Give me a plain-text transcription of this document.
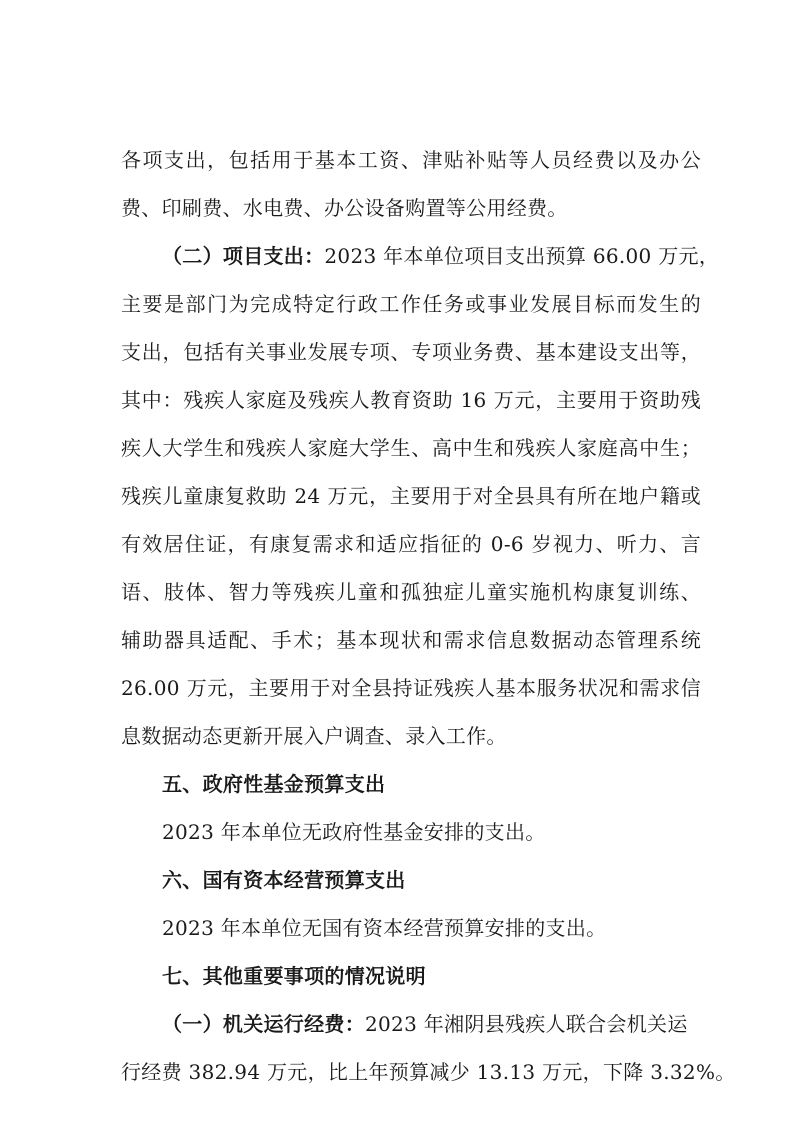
各项支出，包括用于基本工资、津贴补贴等人员经费以及办公
费、印刷费、水电费、办公设备购置等公用经费。
（二）项目支出：2023 年本单位项目支出预算 66.00 万元，
主要是部门为完成特定行政工作任务或事业发展目标而发生的
支出，包括有关事业发展专项、专项业务费、基本建设支出等，
其中：残疾人家庭及残疾人教育资助 16 万元，主要用于资助残
疾人大学生和残疾人家庭大学生、高中生和残疾人家庭高中生；
残疾儿童康复救助 24 万元，主要用于对全县具有所在地户籍或
有效居住证，有康复需求和适应指征的 0-6 岁视力、听力、言
语、肢体、智力等残疾儿童和孤独症儿童实施机构康复训练、
辅助器具适配、手术；基本现状和需求信息数据动态管理系统
26.00 万元，主要用于对全县持证残疾人基本服务状况和需求信
息数据动态更新开展入户调查、录入工作。
五、政府性基金预算支出
2023 年本单位无政府性基金安排的支出。
六、国有资本经营预算支出
2023 年本单位无国有资本经营预算安排的支出。
七、其他重要事项的情况说明
（一）机关运行经费：2023 年湘阴县残疾人联合会机关运
行经费 382.94 万元，比上年预算减少 13.13 万元，下降 3.32%。
